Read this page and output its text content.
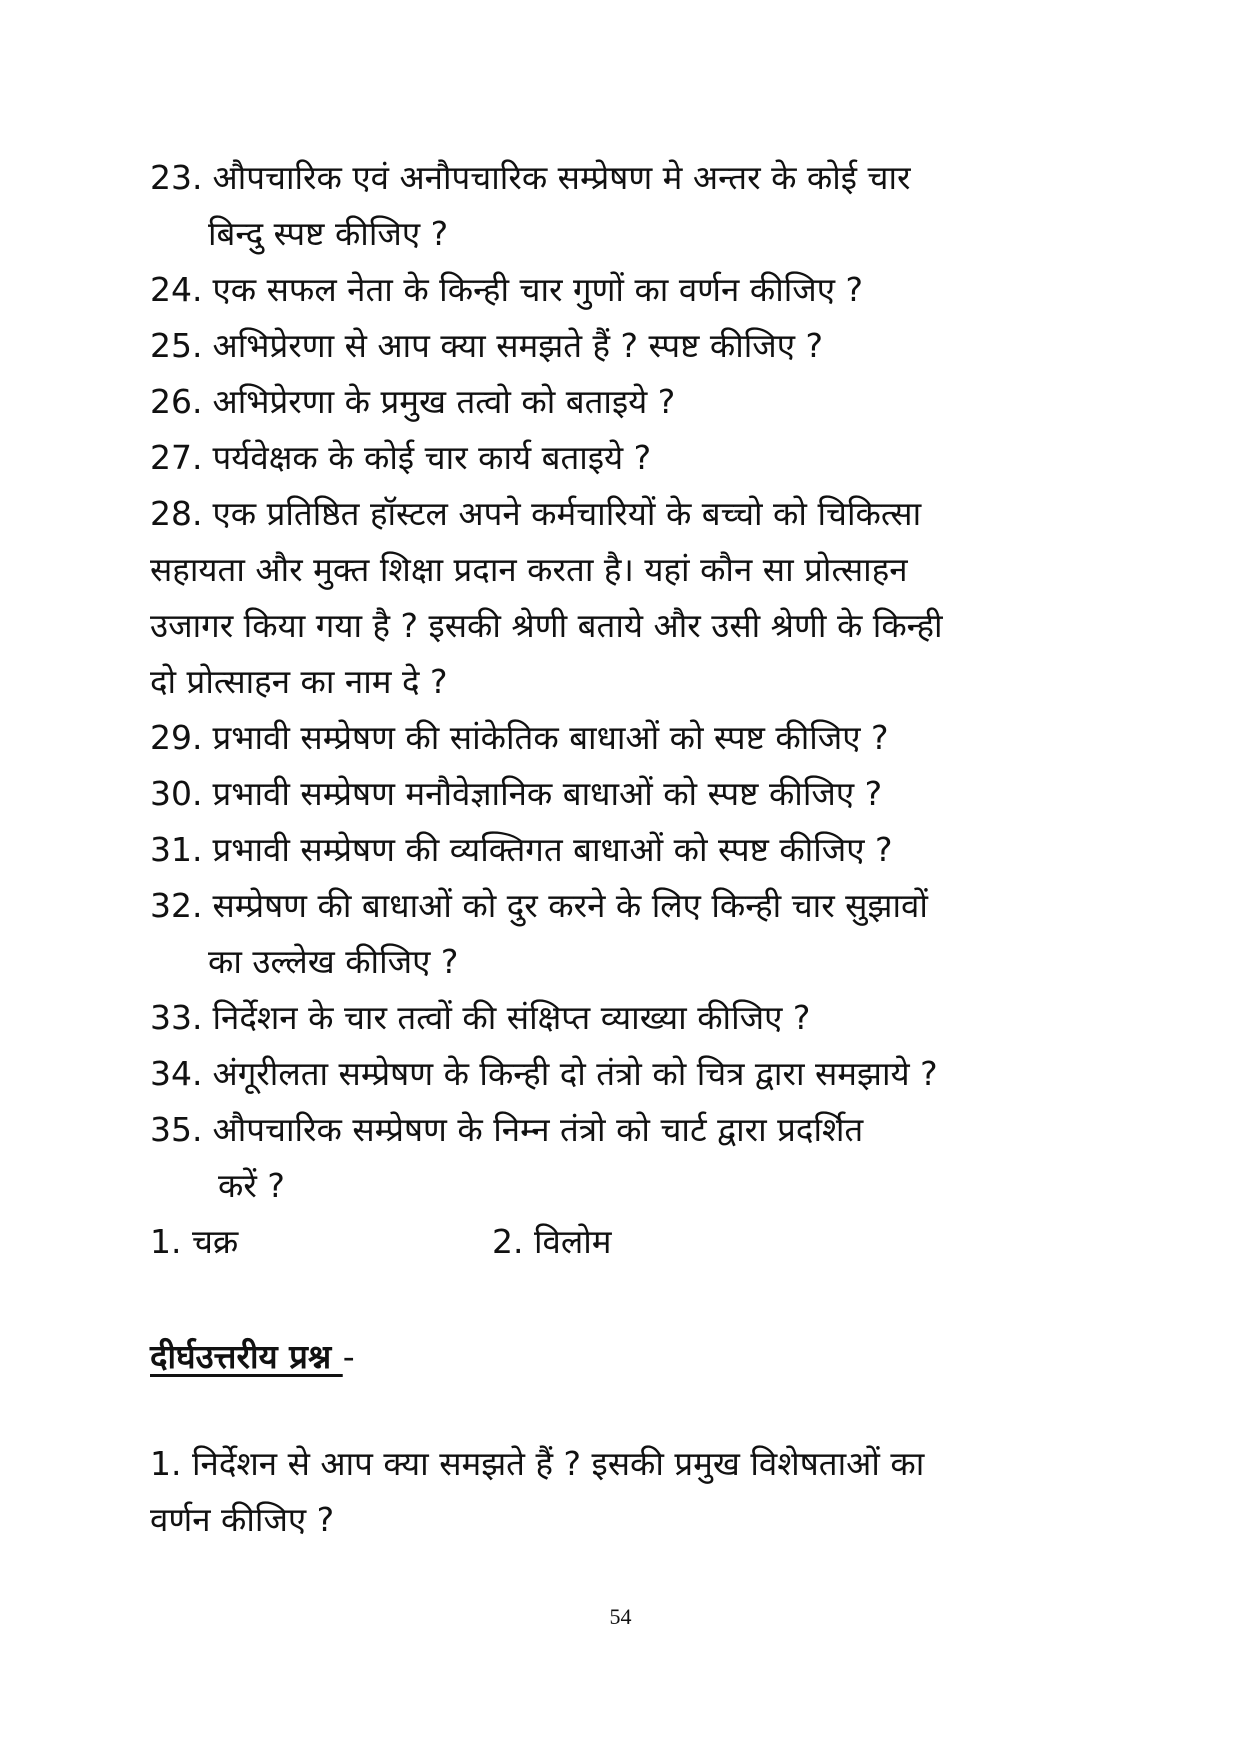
23. औपचारिक एवं अनौपचारिक सम्प्रेषण मे अन्तर के कोई चार
बिन्दु स्पष्ट कीजिए ?
24. एक सफल नेता के किन्ही चार गुणों का वर्णन कीजिए ?
25. अभिप्रेरणा से आप क्या समझते हैं ? स्पष्ट कीजिए ?
26. अभिप्रेरणा के प्रमुख तत्वो को बताइये ?
27. पर्यवेक्षक के कोई चार कार्य बताइये ?
28. एक प्रतिष्ठित हॉस्टल अपने कर्मचारियों के बच्चो को चिकित्सा
सहायता और मुक्त शिक्षा प्रदान करता है। यहां कौन सा प्रोत्साहन
उजागर किया गया है ? इसकी श्रेणी बताये और उसी श्रेणी के किन्ही
दो प्रोत्साहन का नाम दे ?
29. प्रभावी सम्प्रेषण की सांकेतिक बाधाओं को स्पष्ट कीजिए ?
30. प्रभावी सम्प्रेषण मनौवेज्ञानिक बाधाओं को स्पष्ट कीजिए ?
31. प्रभावी सम्प्रेषण की व्यक्तिगत बाधाओं को स्पष्ट कीजिए ?
32. सम्प्रेषण की बाधाओं को दुर करने के लिए किन्ही चार सुझावों
का उल्लेख कीजिए ?
33. निर्देशन के चार तत्वों की संक्षिप्त व्याख्या कीजिए ?
34. अंगूरीलता सम्प्रेषण के किन्ही दो तंत्रो को चित्र द्वारा समझाये ?
35. औपचारिक सम्प्रेषण के निम्न तंत्रो को चार्ट द्वारा प्रदर्शित
करें ?
1. चक्र	2. विलोम
दीर्घउत्तरीय प्रश्न -
1. निर्देशन से आप क्या समझते हैं ? इसकी प्रमुख विशेषताओं का
वर्णन कीजिए ?
54
